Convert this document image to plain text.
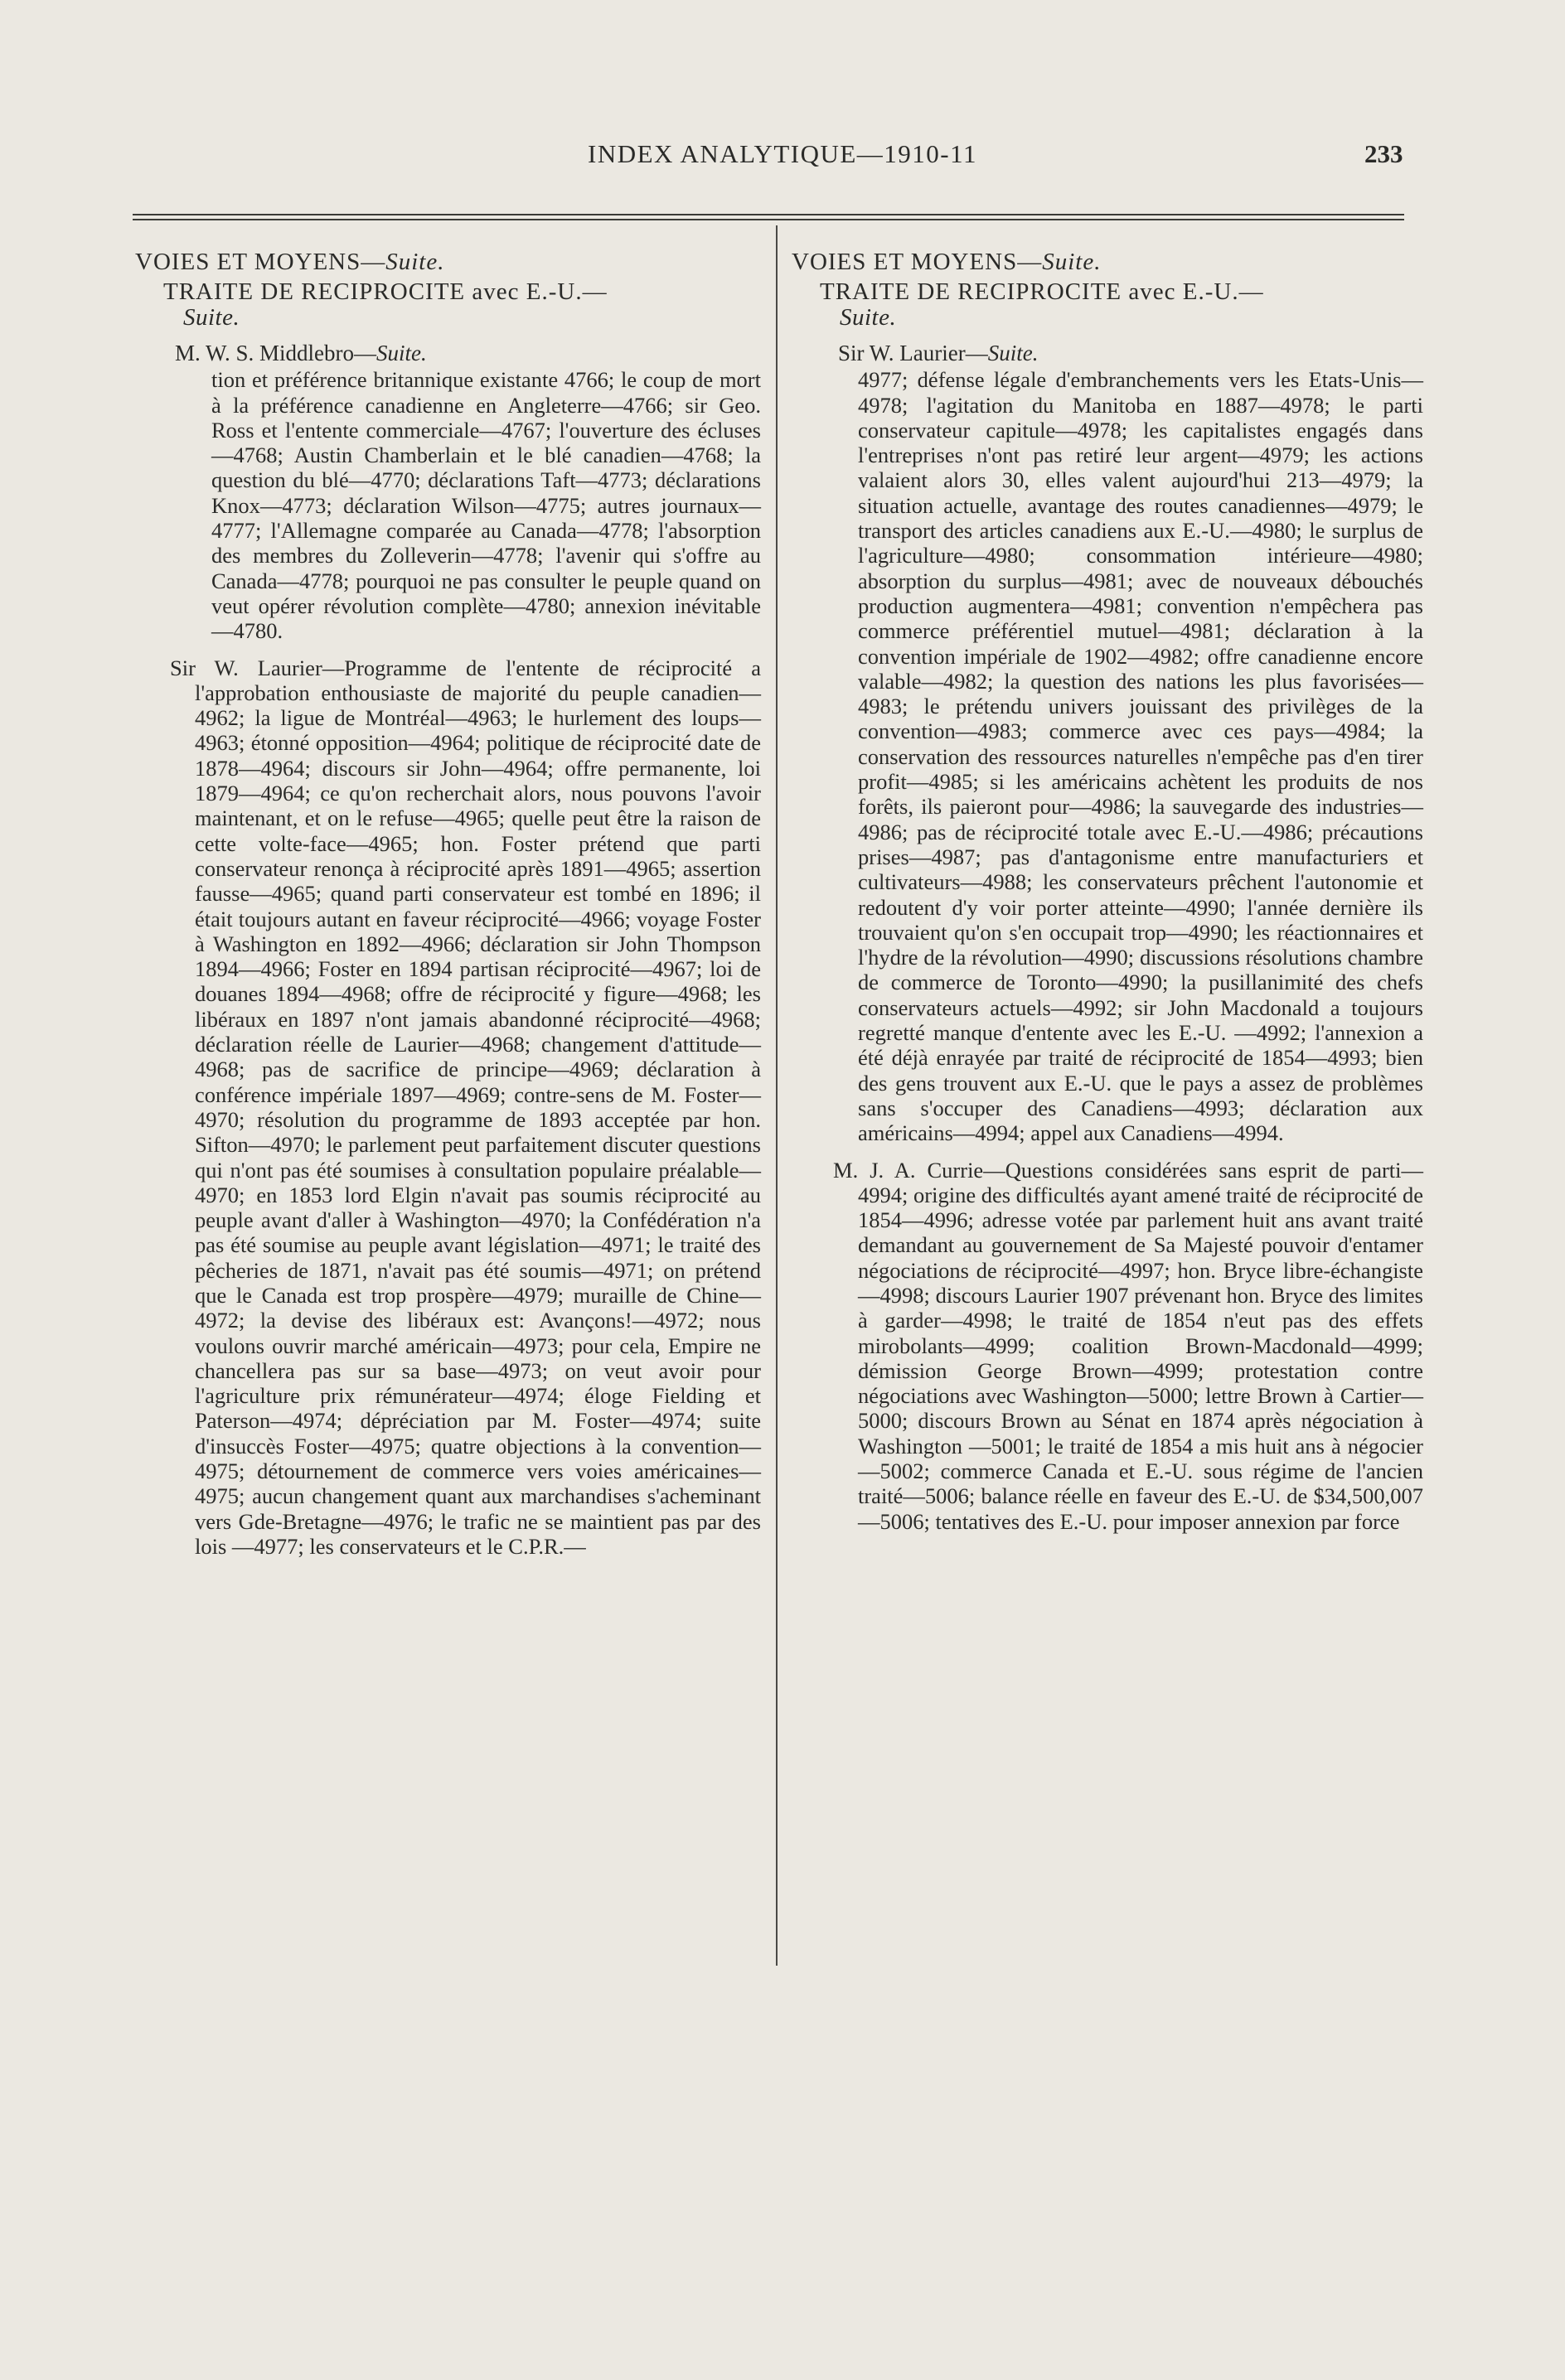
INDEX ANALYTIQUE—1910-11	233
VOIES ET MOYENS—Suite.
TRAITE DE RECIPROCITE avec E.-U.—
Suite.
M. W. S. Middlebro—Suite.

tion et préférence britannique existante 4766; le coup de mort à la préférence canadienne en Angleterre—4766; sir Geo. Ross et l'entente commerciale—4767; l'ouverture des écluses—4768; Austin Chamberlain et le blé canadien—4768; la question du blé—4770; déclarations Taft—4773; déclarations Knox—4773; déclaration Wilson—4775; autres journaux—4777; l'Allemagne comparée au Canada—4778; l'absorption des membres du Zolleverin—4778; l'avenir qui s'offre au Canada—4778; pourquoi ne pas consulter le peuple quand on veut opérer révolution complète—4780; annexion inévitable—4780.

Sir W. Laurier—Programme de l'entente de réciprocité a l'approbation enthousiaste de majorité du peuple canadien—4962; la ligue de Montréal—4963; le hurlement des loups—4963; étonné opposition—4964; politique de réciprocité date de 1878—4964; discours sir John—4964; offre permanente, loi 1879—4964; ce qu'on recherchait alors, nous pouvons l'avoir maintenant, et on le refuse—4965; quelle peut être la raison de cette volte-face—4965; hon. Foster prétend que parti conservateur renonça à réciprocité après 1891—4965; assertion fausse—4965; quand parti conservateur est tombé en 1896; il était toujours autant en faveur réciprocité—4966; voyage Foster à Washington en 1892—4966; déclaration sir John Thompson 1894—4966; Foster en 1894 partisan réciprocité—4967; loi de douanes 1894—4968; offre de réciprocité y figure—4968; les libéraux en 1897 n'ont jamais abandonné réciprocité—4968; déclaration réelle de Laurier—4968; changement d'attitude—4968; pas de sacrifice de principe—4969; déclaration à conférence impériale 1897—4969; contre-sens de M. Foster—4970; résolution du programme de 1893 acceptée par hon. Sifton—4970; le parlement peut parfaitement discuter questions qui n'ont pas été soumises à consultation populaire préalable—4970; en 1853 lord Elgin n'avait pas soumis réciprocité au peuple avant d'aller à Washington—4970; la Confédération n'a pas été soumise au peuple avant législation—4971; le traité des pêcheries de 1871, n'avait pas été soumis—4971; on prétend que le Canada est trop prospère—4979; muraille de Chine—4972; la devise des libéraux est: Avançons!—4972; nous voulons ouvrir marché américain—4973; pour cela, Empire ne chancellera pas sur sa base—4973; on veut avoir pour l'agriculture prix rémunérateur—4974; éloge Fielding et Paterson—4974; dépréciation par M. Foster—4974; suite d'insuccès Foster—4975; quatre objections à la convention—4975; détournement de commerce vers voies américaines—4975; aucun changement quant aux marchandises s'acheminant vers Gde-Bretagne—4976; le trafic ne se maintient pas par des lois —4977; les conservateurs et le C.P.R.—

VOIES ET MOYENS—Suite.
TRAITE DE RECIPROCITE avec E.-U.—
Suite.
Sir W. Laurier—Suite.

4977; défense légale d'embranchements vers les Etats-Unis—4978; l'agitation du Manitoba en 1887—4978; le parti conservateur capitule—4978; les capitalistes engagés dans l'entreprises n'ont pas retiré leur argent—4979; les actions valaient alors 30, elles valent aujourd'hui 213—4979; la situation actuelle, avantage des routes canadiennes—4979; le transport des articles canadiens aux E.-U.—4980; le surplus de l'agriculture—4980; consommation intérieure—4980; absorption du surplus—4981; avec de nouveaux débouchés production augmentera—4981; convention n'empêchera pas commerce préférentiel mutuel—4981; déclaration à la convention impériale de 1902—4982; offre canadienne encore valable—4982; la question des nations les plus favorisées—4983; le prétendu univers jouissant des privilèges de la convention—4983; commerce avec ces pays—4984; la conservation des ressources naturelles n'empêche pas d'en tirer profit—4985; si les américains achètent les produits de nos forêts, ils paieront pour—4986; la sauvegarde des industries—4986; pas de réciprocité totale avec E.-U.—4986; précautions prises—4987; pas d'antagonisme entre manufacturiers et cultivateurs—4988; les conservateurs prêchent l'autonomie et redoutent d'y voir porter atteinte—4990; l'année dernière ils trouvaient qu'on s'en occupait trop—4990; les réactionnaires et l'hydre de la révolution—4990; discussions résolutions chambre de commerce de Toronto—4990; la pusillanimité des chefs conservateurs actuels—4992; sir John Macdonald a toujours regretté manque d'entente avec les E.-U. —4992; l'annexion a été déjà enrayée par traité de réciprocité de 1854—4993; bien des gens trouvent aux E.-U. que le pays a assez de problèmes sans s'occuper des Canadiens—4993; déclaration aux américains—4994; appel aux Canadiens—4994.

M. J. A. Currie—Questions considérées sans esprit de parti—4994; origine des difficultés ayant amené traité de réciprocité de 1854—4996; adresse votée par parlement huit ans avant traité demandant au gouvernement de Sa Majesté pouvoir d'entamer négociations de réciprocité—4997; hon. Bryce libre-échangiste —4998; discours Laurier 1907 prévenant hon. Bryce des limites à garder—4998; le traité de 1854 n'eut pas des effets mirobolants—4999; coalition Brown-Macdonald—4999; démission George Brown—4999; protestation contre négociations avec Washington—5000; lettre Brown à Cartier—5000; discours Brown au Sénat en 1874 après négociation à Washington —5001; le traité de 1854 a mis huit ans à négocier—5002; commerce Canada et E.-U. sous régime de l'ancien traité—5006; balance réelle en faveur des E.-U. de $34,500,007—5006; tentatives des E.-U. pour imposer annexion par force
